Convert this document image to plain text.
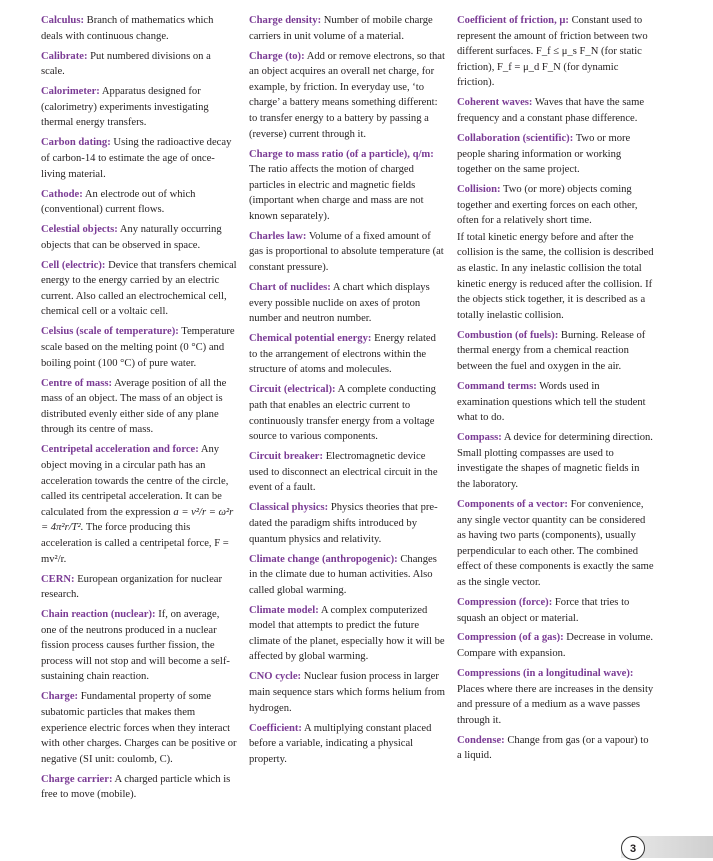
Calculus: Branch of mathematics which deals with continuous change.
Calibrate: Put numbered divisions on a scale.
Calorimeter: Apparatus designed for (calorimetry) experiments investigating thermal energy transfers.
Carbon dating: Using the radioactive decay of carbon-14 to estimate the age of once-living material.
Cathode: An electrode out of which (conventional) current flows.
Celestial objects: Any naturally occurring objects that can be observed in space.
Cell (electric): Device that transfers chemical energy to the energy carried by an electric current. Also called an electrochemical cell, chemical cell or a voltaic cell.
Celsius (scale of temperature): Temperature scale based on the melting point (0 °C) and boiling point (100 °C) of pure water.
Centre of mass: Average position of all the mass of an object. The mass of an object is distributed evenly either side of any plane through its centre of mass.
Centripetal acceleration and force: Any object moving in a circular path has an acceleration towards the centre of the circle, called its centripetal acceleration. It can be calculated from the expression a = v²/r = ω²r = 4π²r/T². The force producing this acceleration is called a centripetal force, F = mv²/r.
CERN: European organization for nuclear research.
Chain reaction (nuclear): If, on average, one of the neutrons produced in a nuclear fission process causes further fission, the process will not stop and will become a self-sustaining chain reaction.
Charge: Fundamental property of some subatomic particles that makes them experience electric forces when they interact with other charges. Charges can be positive or negative (SI unit: coulomb, C).
Charge carrier: A charged particle which is free to move (mobile).
Charge density: Number of mobile charge carriers in unit volume of a material.
Charge (to): Add or remove electrons, so that an object acquires an overall net charge, for example, by friction. In everyday use, ‘to charge’ a battery means something different: to transfer energy to a battery by passing a (reverse) current through it.
Charge to mass ratio (of a particle), q/m: The ratio affects the motion of charged particles in electric and magnetic fields (important when charge and mass are not known separately).
Charles law: Volume of a fixed amount of gas is proportional to absolute temperature (at constant pressure).
Chart of nuclides: A chart which displays every possible nuclide on axes of proton number and neutron number.
Chemical potential energy: Energy related to the arrangement of electrons within the structure of atoms and molecules.
Circuit (electrical): A complete conducting path that enables an electric current to continuously transfer energy from a voltage source to various components.
Circuit breaker: Electromagnetic device used to disconnect an electrical circuit in the event of a fault.
Classical physics: Physics theories that pre-dated the paradigm shifts introduced by quantum physics and relativity.
Climate change (anthropogenic): Changes in the climate due to human activities. Also called global warming.
Climate model: A complex computerized model that attempts to predict the future climate of the planet, especially how it will be affected by global warming.
CNO cycle: Nuclear fusion process in larger main sequence stars which forms helium from hydrogen.
Coefficient: A multiplying constant placed before a variable, indicating a physical property.
Coefficient of friction, μ: Constant used to represent the amount of friction between two different surfaces. F_f ≤ μ_s F_N (for static friction), F_f = μ_d F_N (for dynamic friction).
Coherent waves: Waves that have the same frequency and a constant phase difference.
Collaboration (scientific): Two or more people sharing information or working together on the same project.
Collision: Two (or more) objects coming together and exerting forces on each other, often for a relatively short time.
If total kinetic energy before and after the collision is the same, the collision is described as elastic. In any inelastic collision the total kinetic energy is reduced after the collision. If the objects stick together, it is described as a totally inelastic collision.
Combustion (of fuels): Burning. Release of thermal energy from a chemical reaction between the fuel and oxygen in the air.
Command terms: Words used in examination questions which tell the student what to do.
Compass: A device for determining direction. Small plotting compasses are used to investigate the shapes of magnetic fields in the laboratory.
Components of a vector: For convenience, any single vector quantity can be considered as having two parts (components), usually perpendicular to each other. The combined effect of these components is exactly the same as the single vector.
Compression (force): Force that tries to squash an object or material.
Compression (of a gas): Decrease in volume. Compare with expansion.
Compressions (in a longitudinal wave): Places where there are increases in the density and pressure of a medium as a wave passes through it.
Condense: Change from gas (or a vapour) to a liquid.
3
